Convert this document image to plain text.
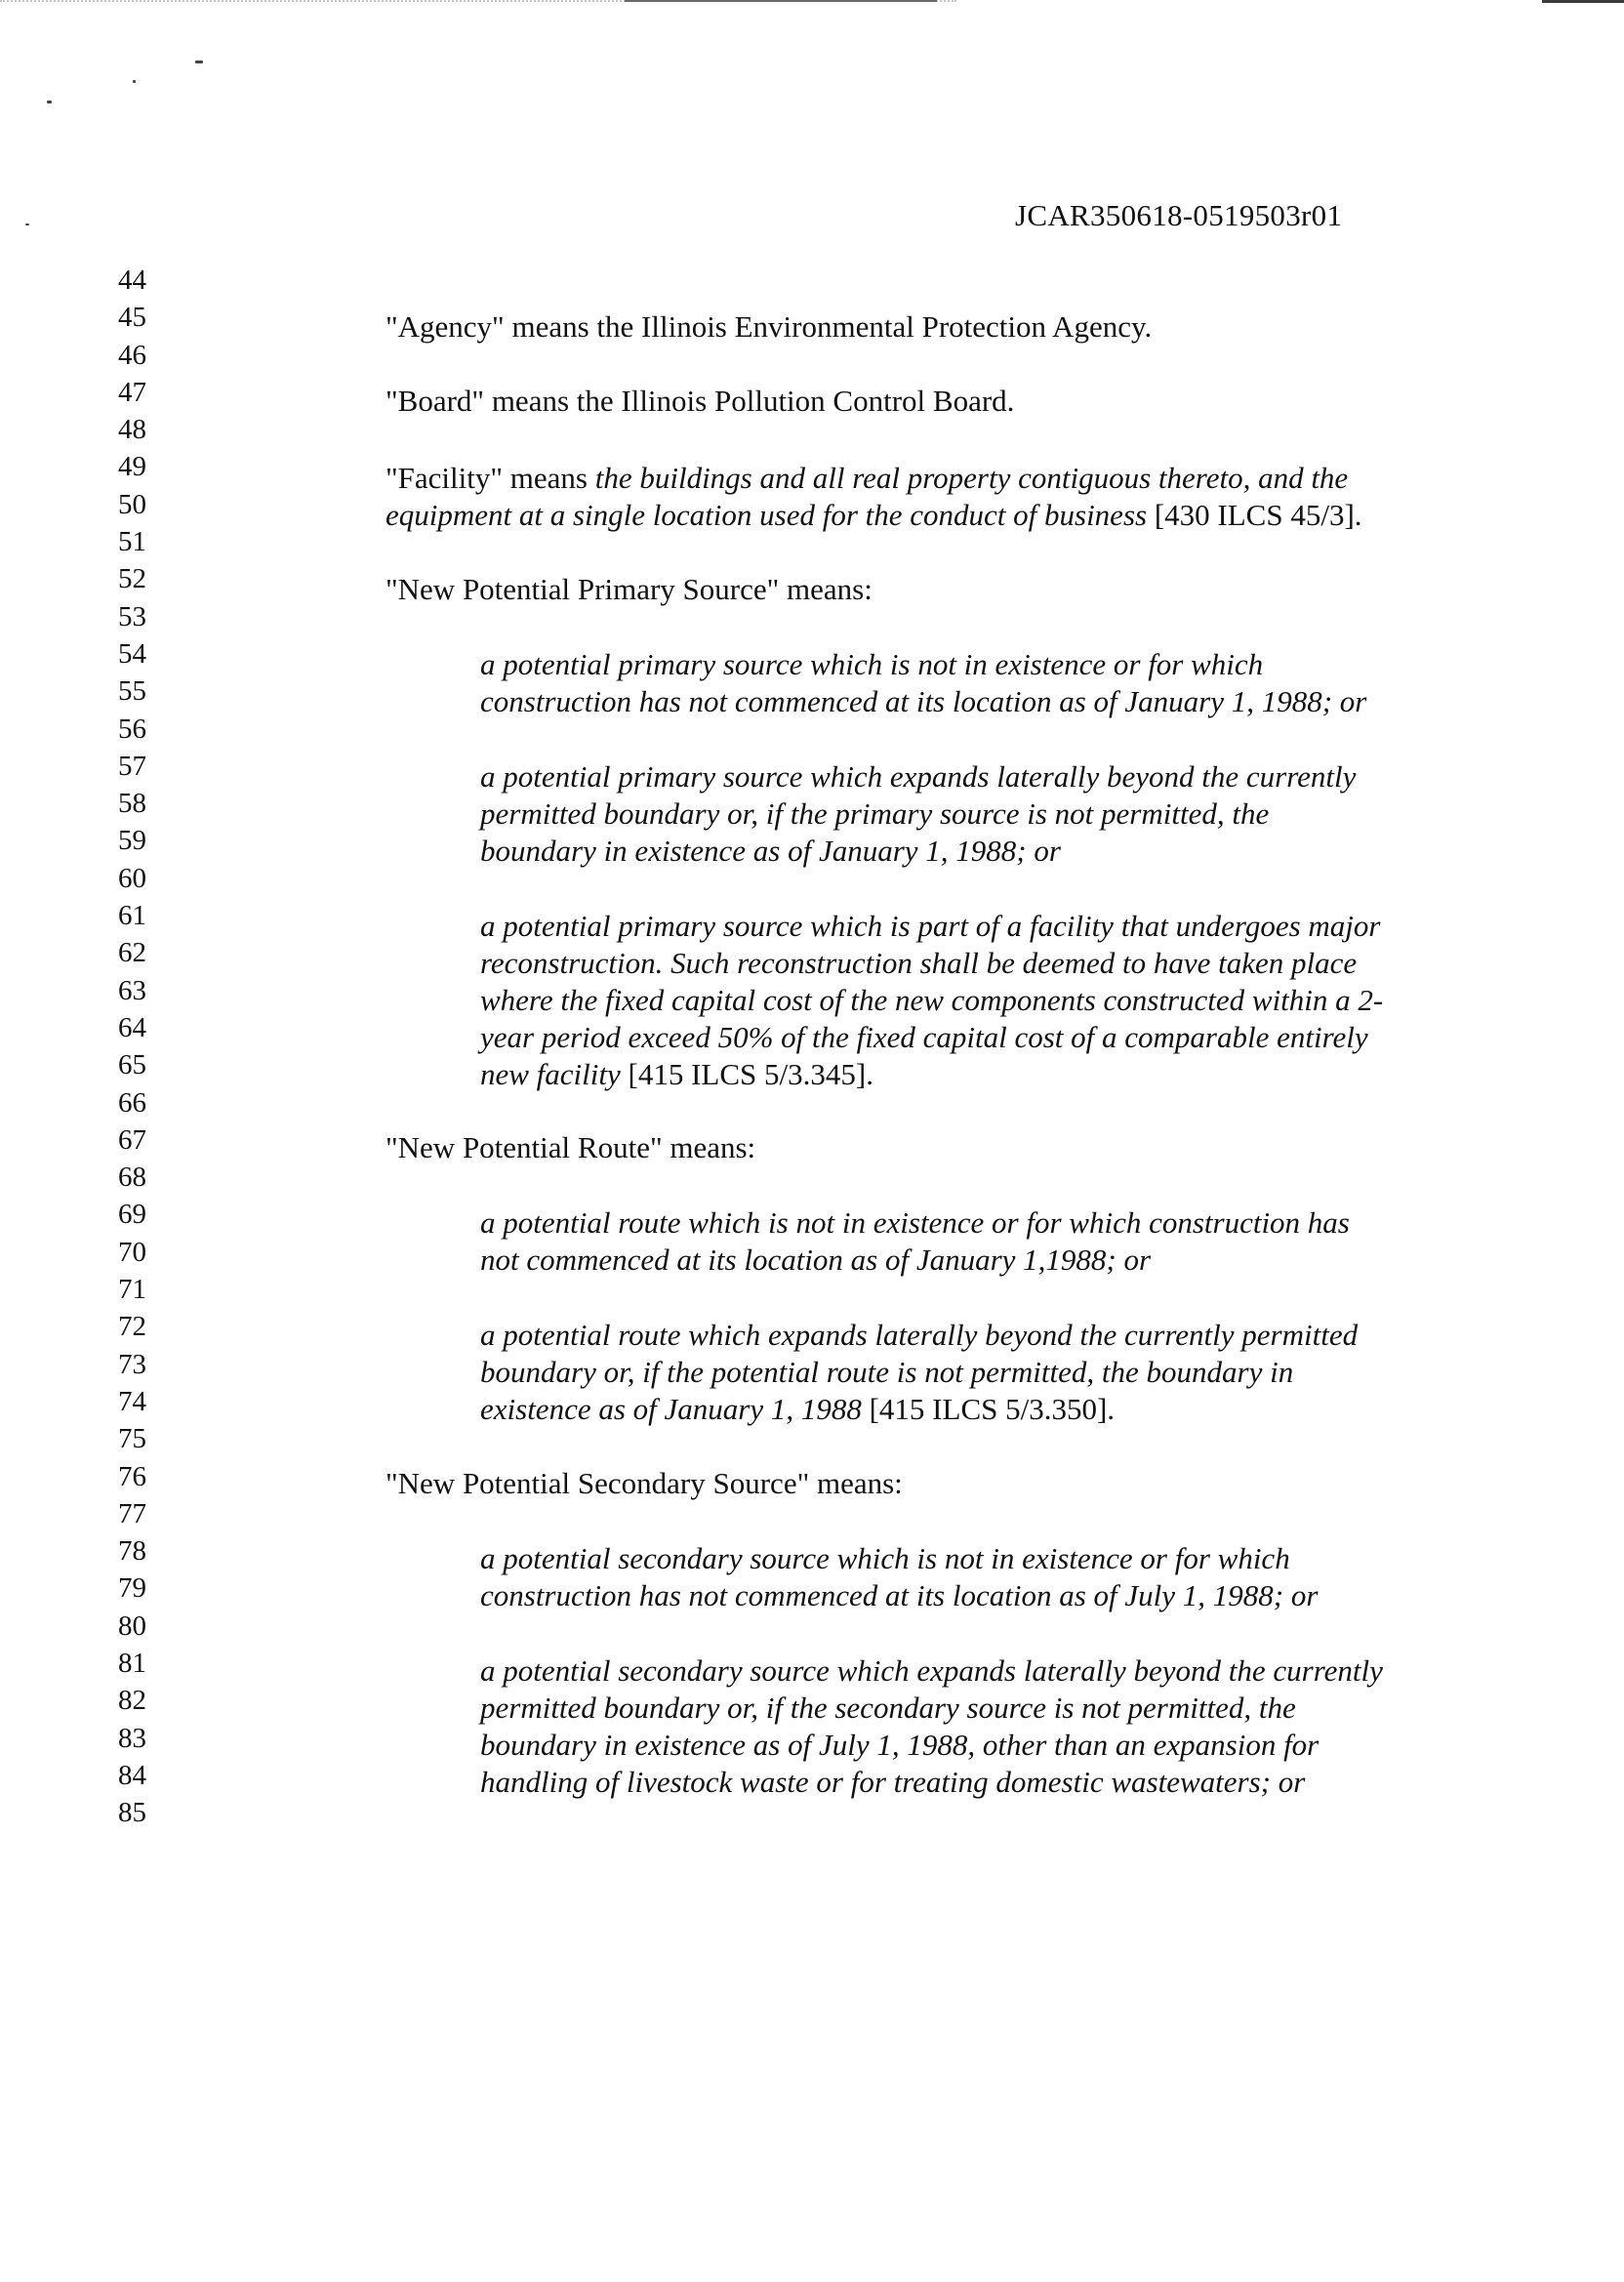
JCAR350618-0519503r01
44
45
46
47
48
49
50
51
52
53
54
55
56
57
58
59
60
61
62
63
64
65
66
67
68
69
70
71
72
73
74
75
76
77
78
79
80
81
82
83
84
85
"Agency" means the Illinois Environmental Protection Agency.
"Board" means the Illinois Pollution Control Board.
"Facility" means the buildings and all real property contiguous thereto, and the
equipment at a single location used for the conduct of business [430 ILCS 45/3].
"New Potential Primary Source" means:
a potential primary source which is not in existence or for which
construction has not commenced at its location as of January 1, 1988; or
a potential primary source which expands laterally beyond the currently
permitted boundary or, if the primary source is not permitted, the
boundary in existence as of January 1, 1988; or
a potential primary source which is part of a facility that undergoes major
reconstruction. Such reconstruction shall be deemed to have taken place
where the fixed capital cost of the new components constructed within a 2-
year period exceed 50% of the fixed capital cost of a comparable entirely
new facility [415 ILCS 5/3.345].
"New Potential Route" means:
a potential route which is not in existence or for which construction has
not commenced at its location as of January 1,1988; or
a potential route which expands laterally beyond the currently permitted
boundary or, if the potential route is not permitted, the boundary in
existence as of January 1, 1988 [415 ILCS 5/3.350].
"New Potential Secondary Source" means:
a potential secondary source which is not in existence or for which
construction has not commenced at its location as of July 1, 1988; or
a potential secondary source which expands laterally beyond the currently
permitted boundary or, if the secondary source is not permitted, the
boundary in existence as of July 1, 1988, other than an expansion for
handling of livestock waste or for treating domestic wastewaters; or
